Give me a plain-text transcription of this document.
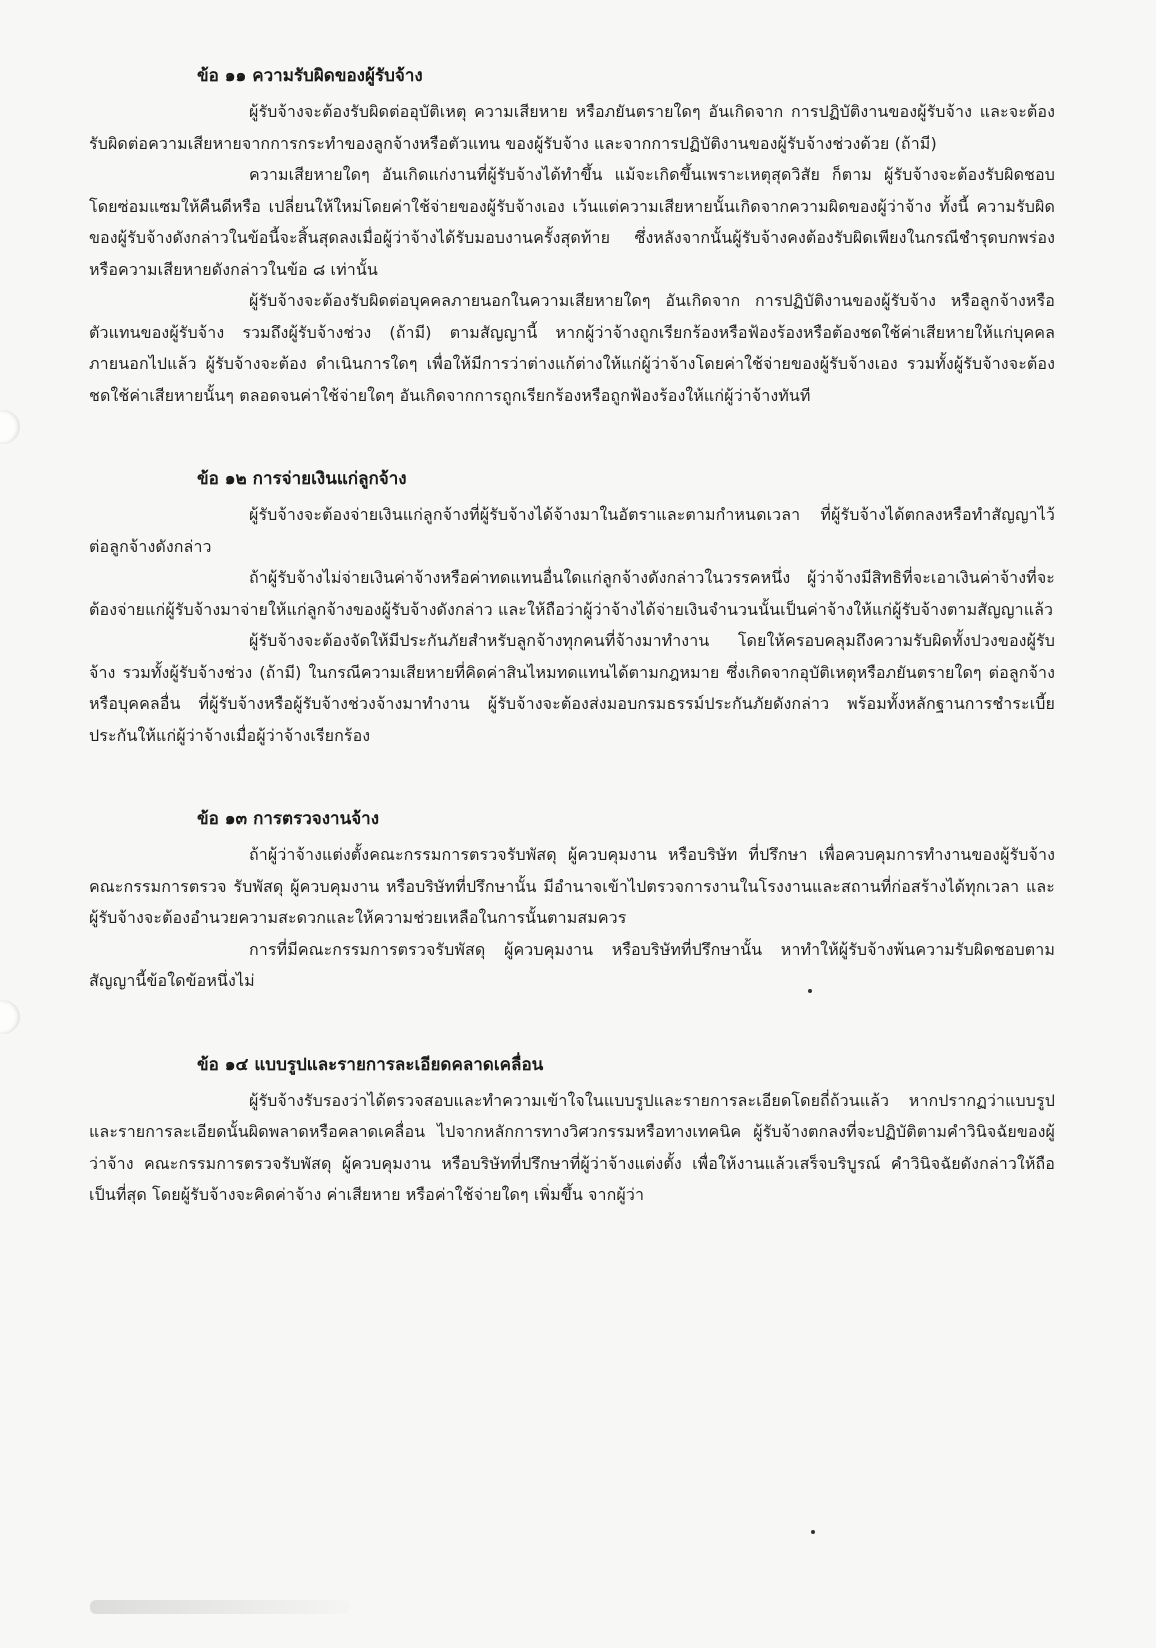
ข้อ ๑๑ ความรับผิดของผู้รับจ้าง

ผู้รับจ้างจะต้องรับผิดต่ออุบัติเหตุ ความเสียหาย หรือภยันตรายใดๆ อันเกิดจาก การปฏิบัติงานของผู้รับจ้าง และจะต้องรับผิดต่อความเสียหายจากการกระทำของลูกจ้างหรือตัวแทน ของผู้รับจ้าง และจากการปฏิบัติงานของผู้รับจ้างช่วงด้วย (ถ้ามี)

ความเสียหายใดๆ อันเกิดแก่งานที่ผู้รับจ้างได้ทำขึ้น แม้จะเกิดขึ้นเพราะเหตุสุดวิสัย ก็ตาม ผู้รับจ้างจะต้องรับผิดชอบโดยซ่อมแซมให้คืนดีหรือ เปลี่ยนให้ใหม่โดยค่าใช้จ่ายของผู้รับจ้างเอง เว้นแต่ความเสียหายนั้นเกิดจากความผิดของผู้ว่าจ้าง ทั้งนี้ ความรับผิดของผู้รับจ้างดังกล่าวในข้อนี้จะสิ้นสุดลงเมื่อผู้ว่าจ้างได้รับมอบงานครั้งสุดท้าย ซึ่งหลังจากนั้นผู้รับจ้างคงต้องรับผิดเพียงในกรณีชำรุดบกพร่อง หรือความเสียหายดังกล่าวในข้อ ๘ เท่านั้น

ผู้รับจ้างจะต้องรับผิดต่อบุคคลภายนอกในความเสียหายใดๆ อันเกิดจาก การปฏิบัติงานของผู้รับจ้าง หรือลูกจ้างหรือตัวแทนของผู้รับจ้าง รวมถึงผู้รับจ้างช่วง (ถ้ามี) ตามสัญญานี้ หากผู้ว่าจ้างถูกเรียกร้องหรือฟ้องร้องหรือต้องชดใช้ค่าเสียหายให้แก่บุคคลภายนอกไปแล้ว ผู้รับจ้างจะต้อง ดำเนินการใดๆ เพื่อให้มีการว่าต่างแก้ต่างให้แก่ผู้ว่าจ้างโดยค่าใช้จ่ายของผู้รับจ้างเอง รวมทั้งผู้รับจ้างจะต้องชดใช้ค่าเสียหายนั้นๆ ตลอดจนค่าใช้จ่ายใดๆ อันเกิดจากการถูกเรียกร้องหรือถูกฟ้องร้องให้แก่ผู้ว่าจ้างทันที

ข้อ ๑๒ การจ่ายเงินแก่ลูกจ้าง

ผู้รับจ้างจะต้องจ่ายเงินแก่ลูกจ้างที่ผู้รับจ้างได้จ้างมาในอัตราและตามกำหนดเวลา ที่ผู้รับจ้างได้ตกลงหรือทำสัญญาไว้ต่อลูกจ้างดังกล่าว

ถ้าผู้รับจ้างไม่จ่ายเงินค่าจ้างหรือค่าทดแทนอื่นใดแก่ลูกจ้างดังกล่าวในวรรคหนึ่ง ผู้ว่าจ้างมีสิทธิที่จะเอาเงินค่าจ้างที่จะต้องจ่ายแก่ผู้รับจ้างมาจ่ายให้แก่ลูกจ้างของผู้รับจ้างดังกล่าว และให้ถือว่าผู้ว่าจ้างได้จ่ายเงินจำนวนนั้นเป็นค่าจ้างให้แก่ผู้รับจ้างตามสัญญาแล้ว

ผู้รับจ้างจะต้องจัดให้มีประกันภัยสำหรับลูกจ้างทุกคนที่จ้างมาทำงาน โดยให้ครอบคลุมถึงความรับผิดทั้งปวงของผู้รับจ้าง รวมทั้งผู้รับจ้างช่วง (ถ้ามี) ในกรณีความเสียหายที่คิดค่าสินไหมทดแทนได้ตามกฎหมาย ซึ่งเกิดจากอุบัติเหตุหรือภยันตรายใดๆ ต่อลูกจ้างหรือบุคคลอื่น ที่ผู้รับจ้างหรือผู้รับจ้างช่วงจ้างมาทำงาน ผู้รับจ้างจะต้องส่งมอบกรมธรรม์ประกันภัยดังกล่าว พร้อมทั้งหลักฐานการชำระเบี้ยประกันให้แก่ผู้ว่าจ้างเมื่อผู้ว่าจ้างเรียกร้อง

ข้อ ๑๓ การตรวจงานจ้าง

ถ้าผู้ว่าจ้างแต่งตั้งคณะกรรมการตรวจรับพัสดุ ผู้ควบคุมงาน หรือบริษัท ที่ปรึกษา เพื่อควบคุมการทำงานของผู้รับจ้าง คณะกรรมการตรวจ รับพัสดุ ผู้ควบคุมงาน หรือบริษัทที่ปรึกษานั้น มีอำนาจเข้าไปตรวจการงานในโรงงานและสถานที่ก่อสร้างได้ทุกเวลา และผู้รับจ้างจะต้องอำนวยความสะดวกและให้ความช่วยเหลือในการนั้นตามสมควร

การที่มีคณะกรรมการตรวจรับพัสดุ ผู้ควบคุมงาน หรือบริษัทที่ปรึกษานั้น หาทำให้ผู้รับจ้างพ้นความรับผิดชอบตามสัญญานี้ข้อใดข้อหนึ่งไม่

ข้อ ๑๔ แบบรูปและรายการละเอียดคลาดเคลื่อน

ผู้รับจ้างรับรองว่าได้ตรวจสอบและทำความเข้าใจในแบบรูปและรายการละเอียดโดยถี่ถ้วนแล้ว หากปรากฏว่าแบบรูปและรายการละเอียดนั้นผิดพลาดหรือคลาดเคลื่อน ไปจากหลักการทางวิศวกรรมหรือทางเทคนิค ผู้รับจ้างตกลงที่จะปฏิบัติตามคำวินิจฉัยของผู้ว่าจ้าง คณะกรรมการตรวจรับพัสดุ ผู้ควบคุมงาน หรือบริษัทที่ปรึกษาที่ผู้ว่าจ้างแต่งตั้ง เพื่อให้งานแล้วเสร็จบริบูรณ์ คำวินิจฉัยดังกล่าวให้ถือเป็นที่สุด โดยผู้รับจ้างจะคิดค่าจ้าง ค่าเสียหาย หรือค่าใช้จ่ายใดๆ เพิ่มขึ้น จากผู้ว่า
